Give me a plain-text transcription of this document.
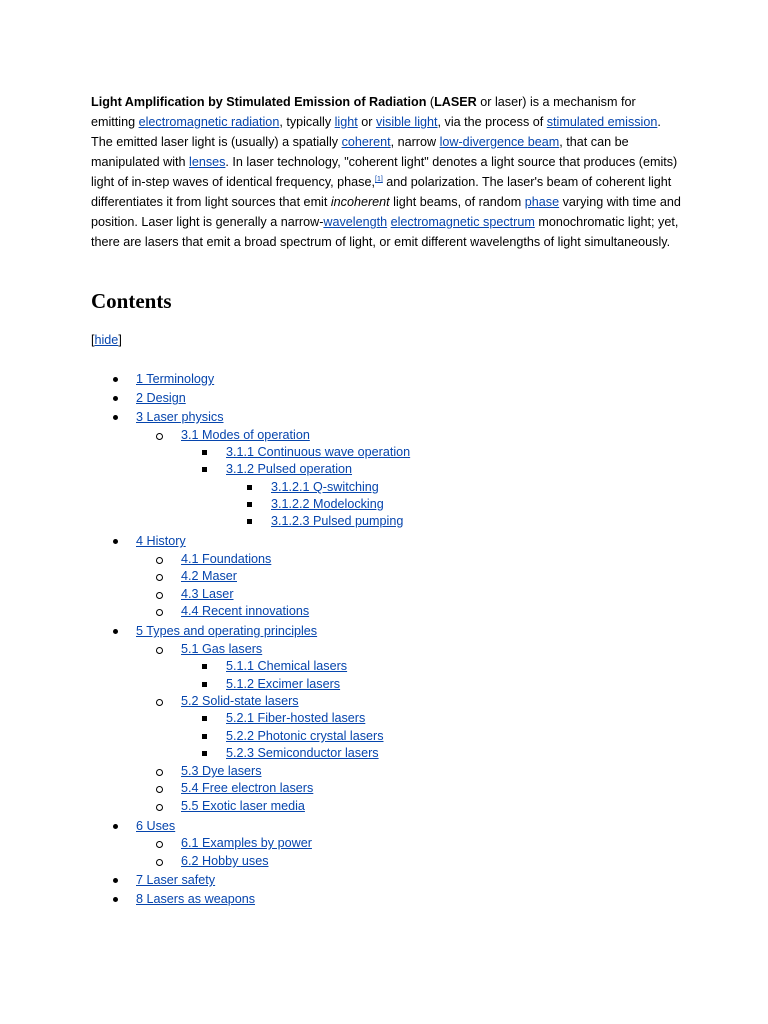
Light Amplification by Stimulated Emission of Radiation (LASER or laser) is a mechanism for emitting electromagnetic radiation, typically light or visible light, via the process of stimulated emission. The emitted laser light is (usually) a spatially coherent, narrow low-divergence beam, that can be manipulated with lenses. In laser technology, "coherent light" denotes a light source that produces (emits) light of in-step waves of identical frequency, phase,[1] and polarization. The laser's beam of coherent light differentiates it from light sources that emit incoherent light beams, of random phase varying with time and position. Laser light is generally a narrow-wavelength electromagnetic spectrum monochromatic light; yet, there are lasers that emit a broad spectrum of light, or emit different wavelengths of light simultaneously.

Contents
[hide]
1 Terminology
2 Design
3 Laser physics
3.1 Modes of operation
3.1.1 Continuous wave operation
3.1.2 Pulsed operation
3.1.2.1 Q-switching
3.1.2.2 Modelocking
3.1.2.3 Pulsed pumping
4 History
4.1 Foundations
4.2 Maser
4.3 Laser
4.4 Recent innovations
5 Types and operating principles
5.1 Gas lasers
5.1.1 Chemical lasers
5.1.2 Excimer lasers
5.2 Solid-state lasers
5.2.1 Fiber-hosted lasers
5.2.2 Photonic crystal lasers
5.2.3 Semiconductor lasers
5.3 Dye lasers
5.4 Free electron lasers
5.5 Exotic laser media
6 Uses
6.1 Examples by power
6.2 Hobby uses
7 Laser safety
8 Lasers as weapons
